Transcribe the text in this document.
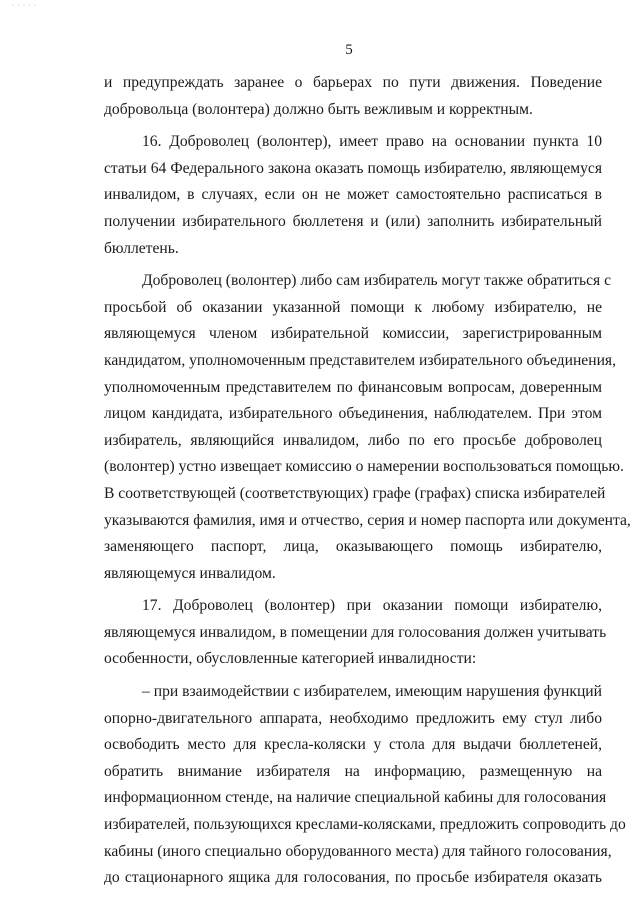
· · · · ·
5
и предупреждать заранее о барьерах по пути движения. Поведение
добровольца (волонтера) должно быть вежливым и корректным.
16. Доброволец (волонтер), имеет право на основании пункта 10
статьи 64 Федерального закона оказать помощь избирателю, являющемуся
инвалидом, в случаях, если он не может самостоятельно расписаться в
получении избирательного бюллетеня и (или) заполнить избирательный
бюллетень.
Доброволец (волонтер) либо сам избиратель могут также обратиться с
просьбой об оказании указанной помощи к любому избирателю, не
являющемуся членом избирательной комиссии, зарегистрированным
кандидатом, уполномоченным представителем избирательного объединения,
уполномоченным представителем по финансовым вопросам, доверенным
лицом кандидата, избирательного объединения, наблюдателем. При этом
избиратель, являющийся инвалидом, либо по его просьбе доброволец
(волонтер) устно извещает комиссию о намерении воспользоваться помощью.
В соответствующей (соответствующих) графе (графах) списка избирателей
указываются фамилия, имя и отчество, серия и номер паспорта или документа,
заменяющего паспорт, лица, оказывающего помощь избирателю,
являющемуся инвалидом.
17. Доброволец (волонтер) при оказании помощи избирателю,
являющемуся инвалидом, в помещении для голосования должен учитывать
особенности, обусловленные категорией инвалидности:
– при взаимодействии с избирателем, имеющим нарушения функций
опорно-двигательного аппарата, необходимо предложить ему стул либо
освободить место для кресла-коляски у стола для выдачи бюллетеней,
обратить внимание избирателя на информацию, размещенную на
информационном стенде, на наличие специальной кабины для голосования
избирателей, пользующихся креслами-колясками, предложить сопроводить до
кабины (иного специально оборудованного места) для тайного голосования,
до стационарного ящика для голосования, по просьбе избирателя оказать
